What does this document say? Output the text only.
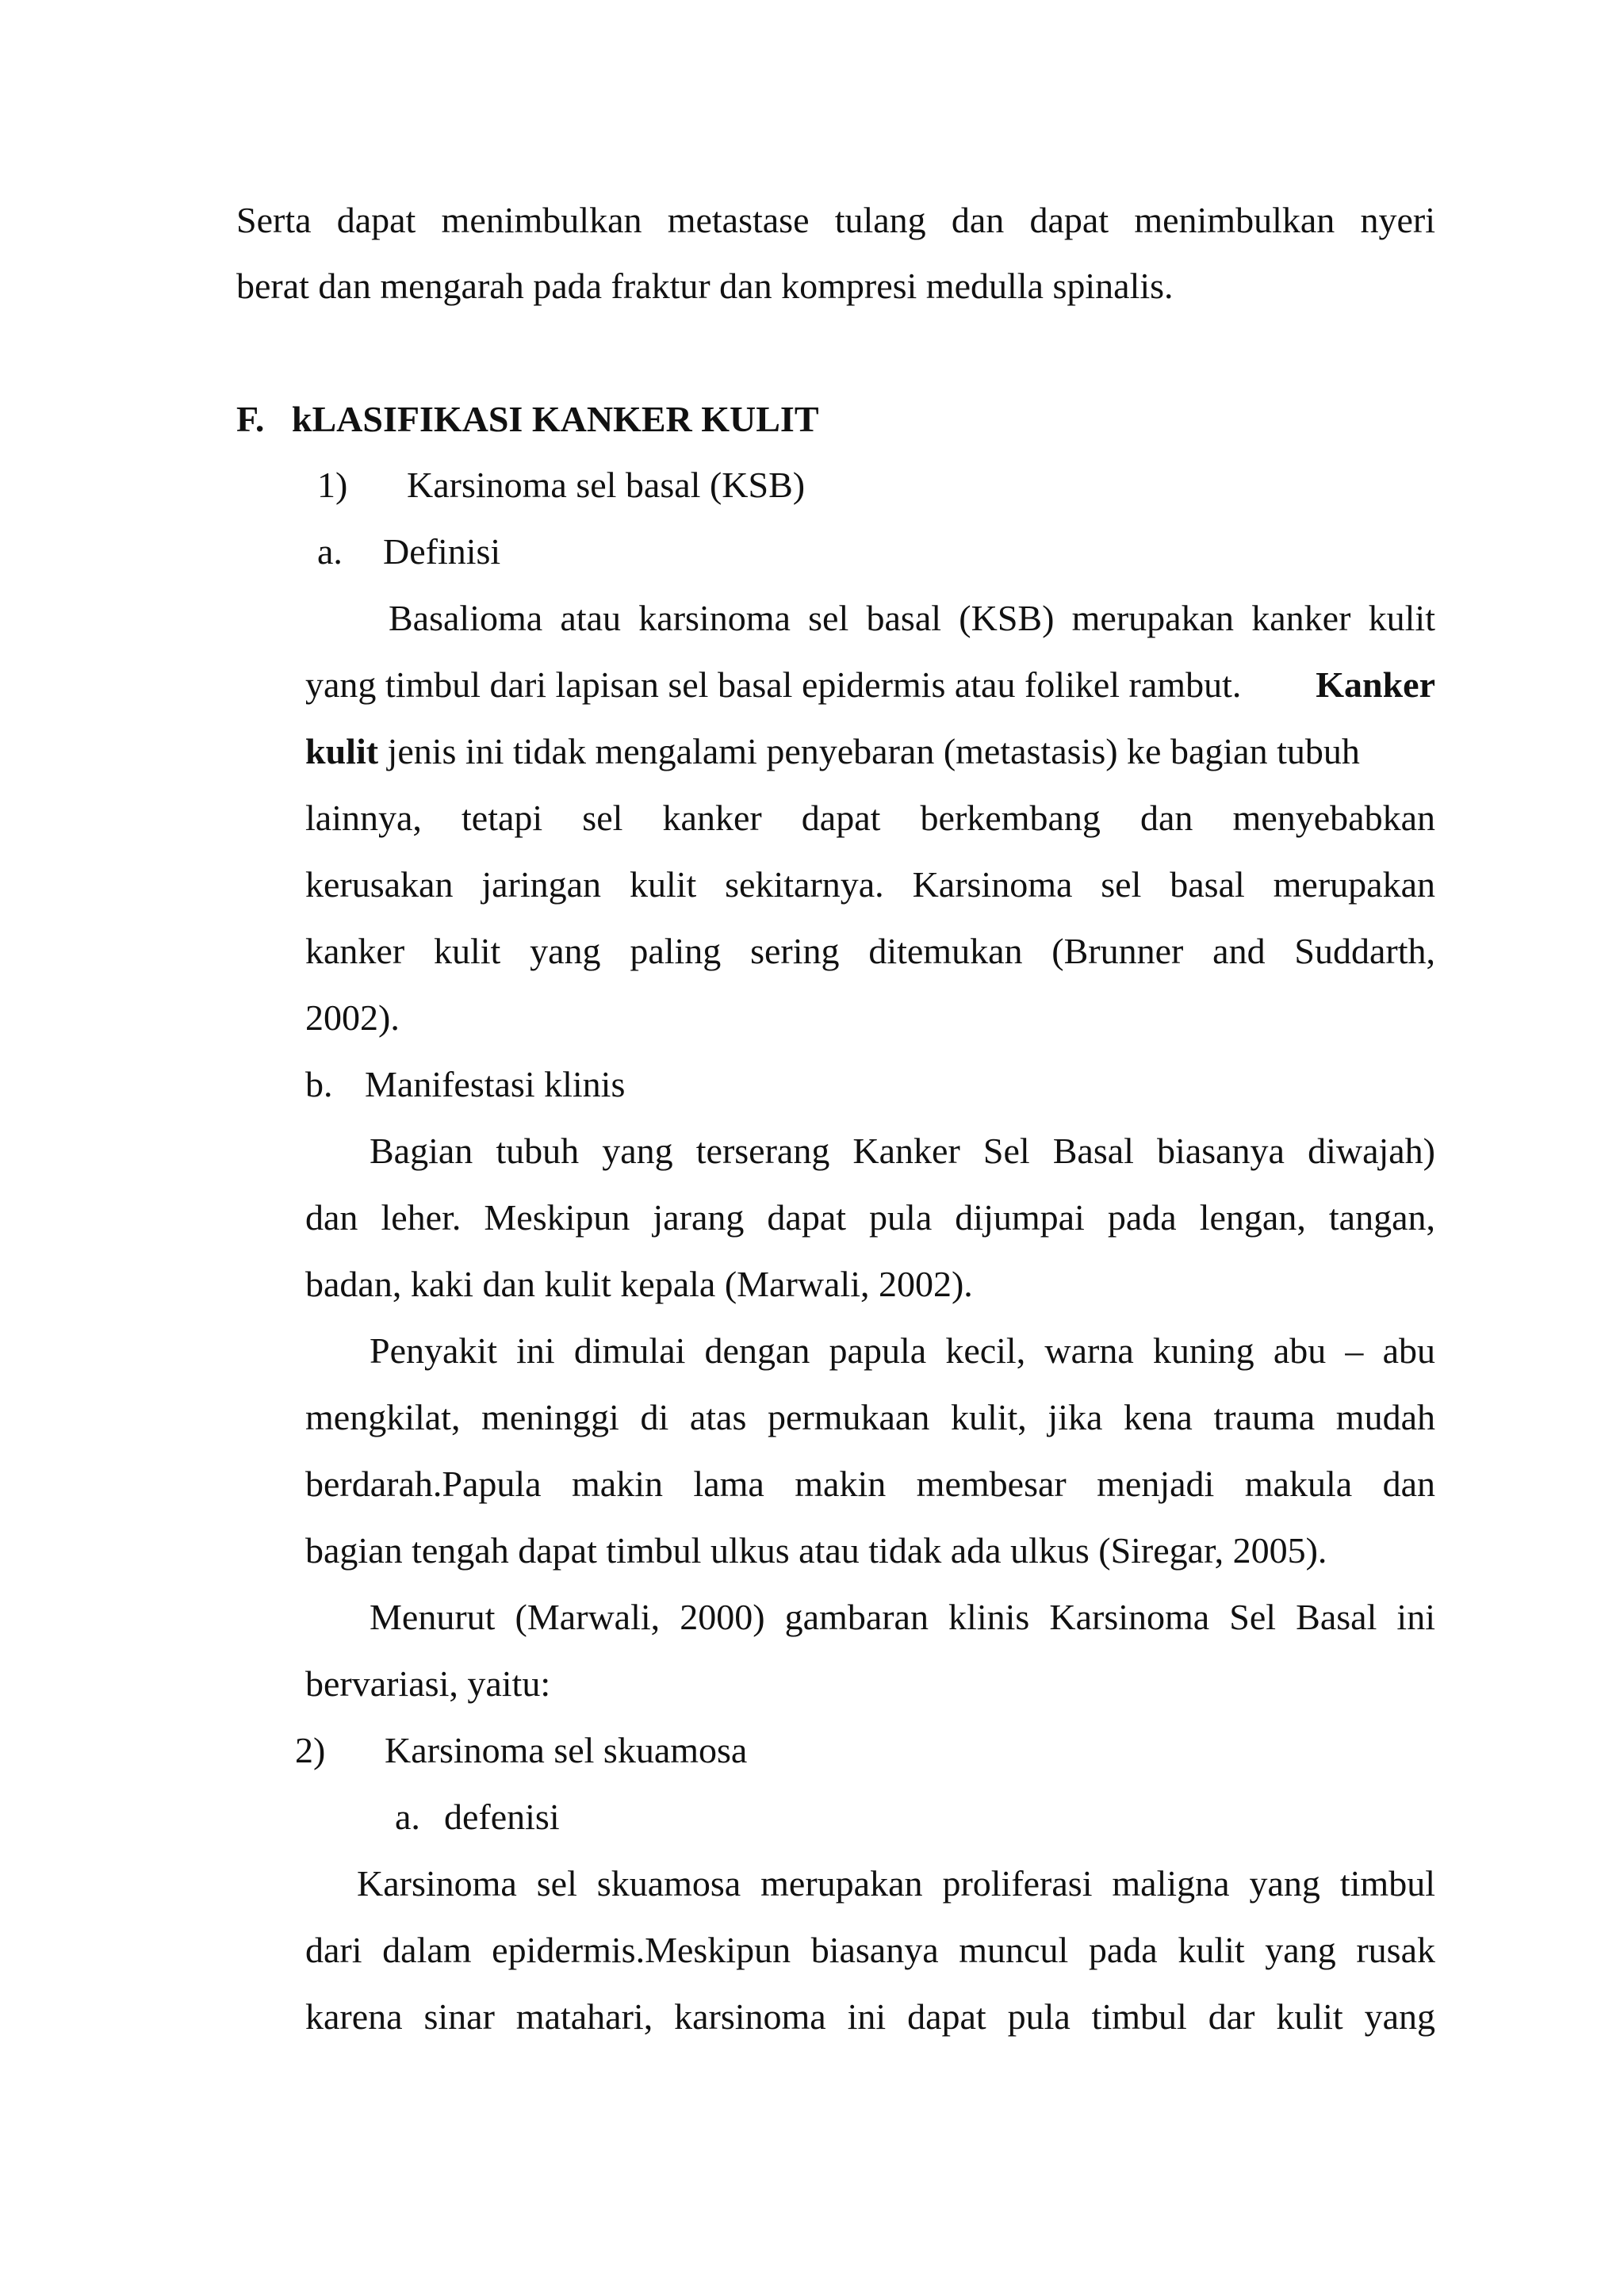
Serta dapat menimbulkan metastase tulang dan dapat menimbulkan nyeri
berat dan mengarah pada fraktur dan kompresi medulla spinalis.
F.   kLASIFIKASI KANKER KULIT
1) Karsinoma sel basal (KSB)
a. Definisi
Basalioma atau karsinoma sel basal (KSB) merupakan kanker kulit
yang timbul dari lapisan sel basal epidermis atau folikel rambut. Kanker
kulit jenis ini tidak mengalami penyebaran (metastasis) ke bagian tubuh
lainnya, tetapi sel kanker dapat berkembang dan menyebabkan
kerusakan jaringan kulit sekitarnya. Karsinoma sel basal merupakan
kanker kulit yang paling sering ditemukan (Brunner and Suddarth,
2002).
b. Manifestasi klinis
Bagian tubuh yang terserang Kanker Sel Basal biasanya diwajah)
dan leher. Meskipun jarang dapat pula dijumpai pada lengan, tangan,
badan, kaki dan kulit kepala (Marwali, 2002).
Penyakit ini dimulai dengan papula kecil, warna kuning abu – abu
mengkilat, meninggi di atas permukaan kulit, jika kena trauma mudah
berdarah.Papula makin lama makin membesar menjadi makula dan
bagian tengah dapat timbul ulkus atau tidak ada ulkus (Siregar, 2005).
Menurut (Marwali, 2000) gambaran klinis Karsinoma Sel Basal ini
bervariasi, yaitu:
2) Karsinoma sel skuamosa
a. defenisi
Karsinoma sel skuamosa merupakan proliferasi maligna yang timbul
dari dalam epidermis.Meskipun biasanya muncul pada kulit yang rusak
karena sinar matahari, karsinoma ini dapat pula timbul dar kulit yang
